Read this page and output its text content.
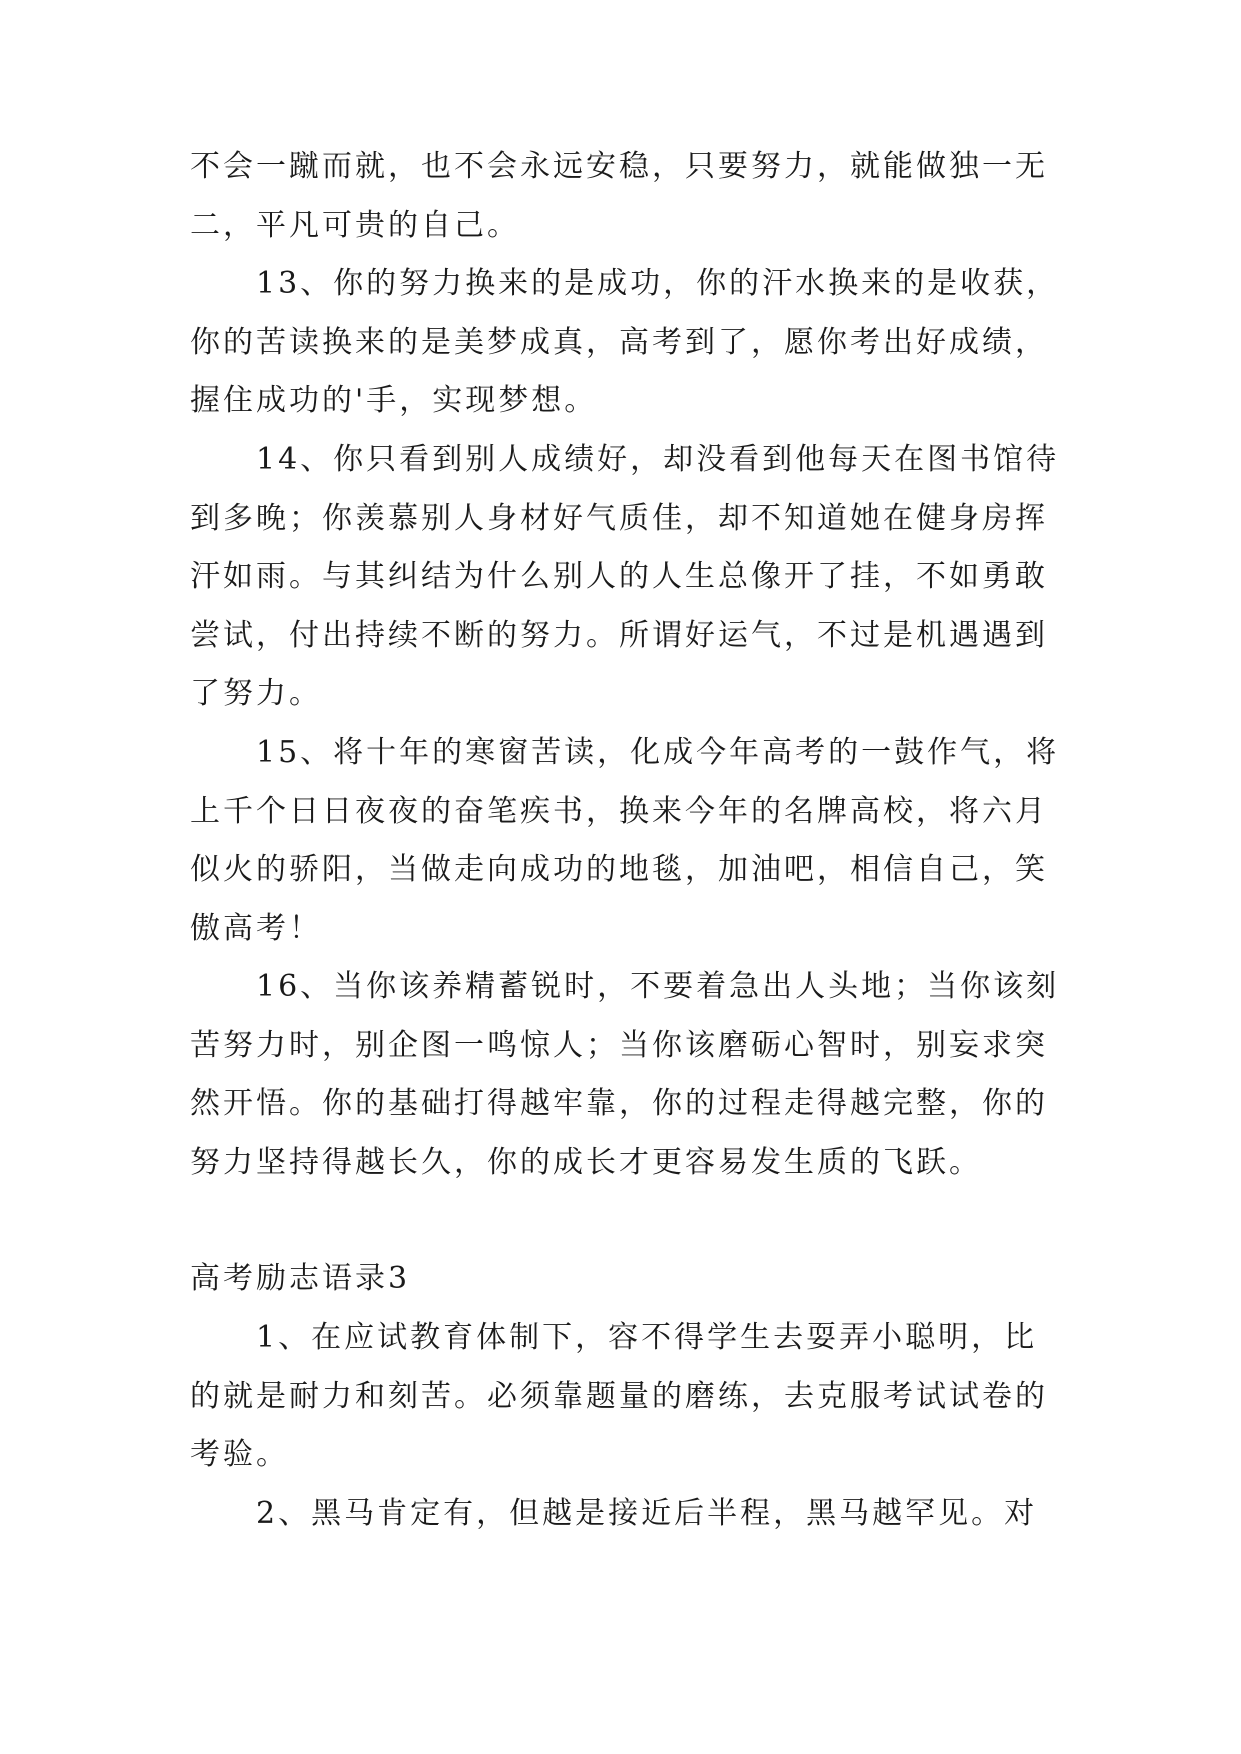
不会一蹴而就，也不会永远安稳，只要努力，就能做独一无
二，平凡可贵的自己。
13、你的努力换来的是成功，你的汗水换来的是收获，
你的苦读换来的是美梦成真，高考到了，愿你考出好成绩，
握住成功的'手，实现梦想。
14、你只看到别人成绩好，却没看到他每天在图书馆待
到多晚；你羡慕别人身材好气质佳，却不知道她在健身房挥
汗如雨。与其纠结为什么别人的人生总像开了挂，不如勇敢
尝试，付出持续不断的努力。所谓好运气，不过是机遇遇到
了努力。
15、将十年的寒窗苦读，化成今年高考的一鼓作气，将
上千个日日夜夜的奋笔疾书，换来今年的名牌高校，将六月
似火的骄阳，当做走向成功的地毯，加油吧，相信自己，笑
傲高考！
16、当你该养精蓄锐时，不要着急出人头地；当你该刻
苦努力时，别企图一鸣惊人；当你该磨砺心智时，别妄求突
然开悟。你的基础打得越牢靠，你的过程走得越完整，你的
努力坚持得越长久，你的成长才更容易发生质的飞跃。
高考励志语录3
1、在应试教育体制下，容不得学生去耍弄小聪明，比
的就是耐力和刻苦。必须靠题量的磨练，去克服考试试卷的
考验。
2、黑马肯定有，但越是接近后半程，黑马越罕见。对
